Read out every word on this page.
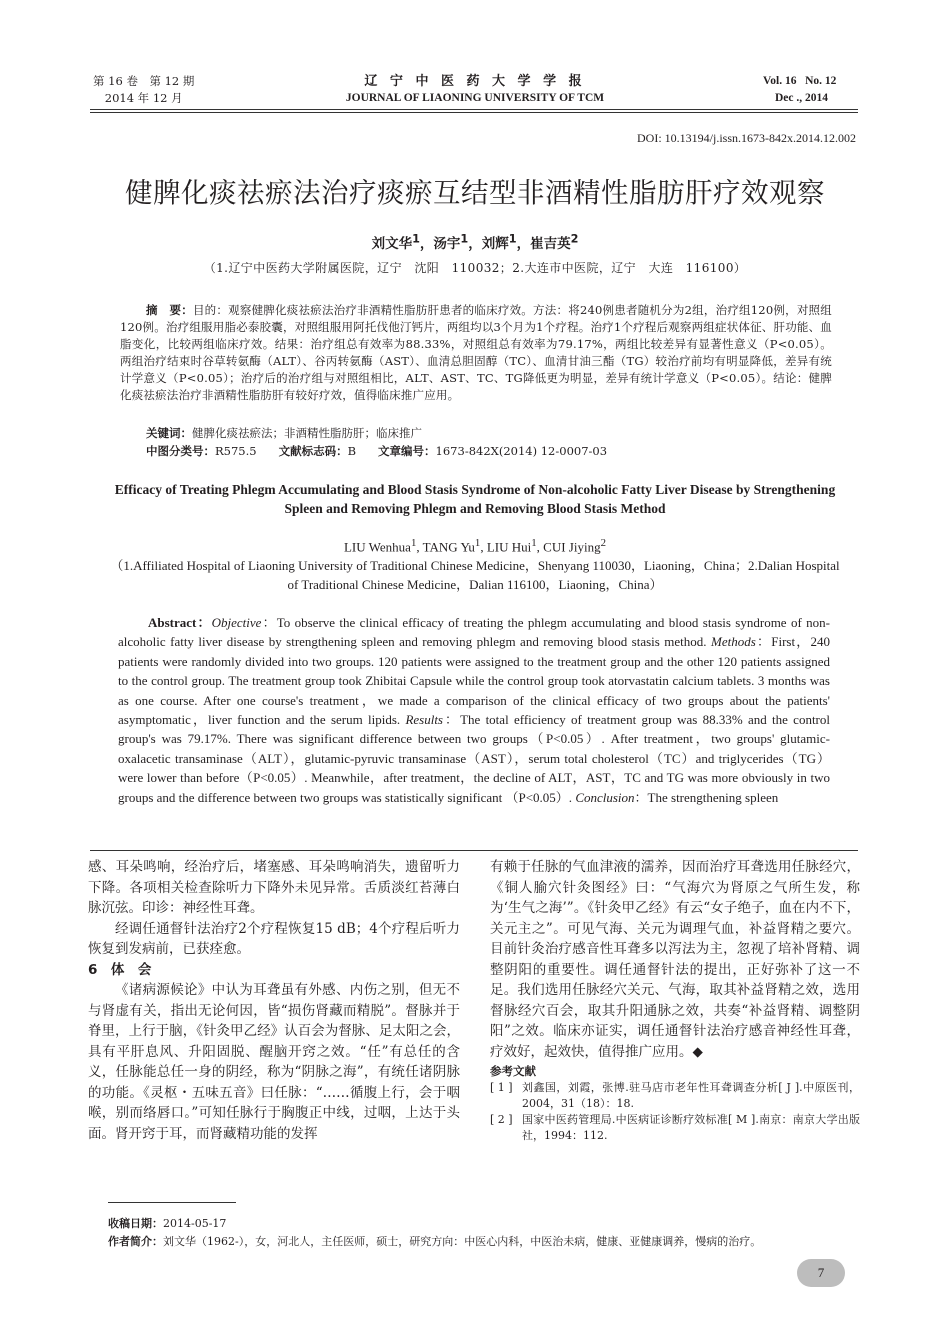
第 16 卷　第 12 期
2014 年 12 月
辽 宁 中 医 药 大 学 学 报
JOURNAL OF LIAONING UNIVERSITY OF TCM
Vol. 16 No. 12
Dec ., 2014
DOI: 10.13194/j.issn.1673-842x.2014.12.002
健脾化痰祛瘀法治疗痰瘀互结型非酒精性脂肪肝疗效观察
刘文华$^1$，汤宇$^1$，刘辉$^1$，崔吉英$^2$
（1.辽宁中医药大学附属医院，辽宁　沈阳　110032；2.大连市中医院，辽宁　大连　116100）
摘　要：目的：观察健脾化痰祛瘀法治疗非酒精性脂肪肝患者的临床疗效。方法：将240例患者随机分为2组，治疗组120例，对照组120例。治疗组服用脂必泰胶囊，对照组服用阿托伐他汀钙片，两组均以3个月为1个疗程。治疗1个疗程后观察两组症状体征、肝功能、血脂变化，比较两组临床疗效。结果：治疗组总有效率为88.33%，对照组总有效率为79.17%，两组比较差异有显著性意义（P<0.05）。两组治疗结束时谷草转氨酶（ALT）、谷丙转氨酶（AST）、血清总胆固醇（TC）、血清甘油三酯（TG）较治疗前均有明显降低，差异有统计学意义（P<0.05）；治疗后的治疗组与对照组相比，ALT、AST、TC、TG降低更为明显，差异有统计学意义（P<0.05）。结论：健脾化痰祛瘀法治疗非酒精性脂肪肝有较好疗效，值得临床推广应用。
关键词：健脾化痰祛瘀法；非酒精性脂肪肝；临床推广
中图分类号：R575.5 文献标志码：B 文章编号：1673-842X(2014) 12-0007-03
Efficacy of Treating Phlegm Accumulating and Blood Stasis Syndrome of Non-alcoholic Fatty Liver Disease by Strengthening Spleen and Removing Phlegm and Removing Blood Stasis Method
LIU Wenhua$^1$, TANG Yu$^1$, LIU Hui$^1$, CUI Jiying$^2$
（1.Affiliated Hospital of Liaoning University of Traditional Chinese Medicine，Shenyang 110030，Liaoning，China；2.Dalian Hospital of Traditional Chinese Medicine，Dalian 116100，Liaoning，China）
Abstract：Objective：To observe the clinical efficacy of treating the phlegm accumulating and blood stasis syndrome of non-alcoholic fatty liver disease by strengthening spleen and removing phlegm and removing blood stasis method. Methods：First，240 patients were randomly divided into two groups. 120 patients were assigned to the treatment group and the other 120 patients assigned to the control group. The treatment group took Zhibitai Capsule while the control group took atorvastatin calcium tablets. 3 months was as one course. After one course's treatment，we made a comparison of the clinical efficacy of two groups about the patients' asymptomatic，liver function and the serum lipids. Results：The total efficiency of treatment group was 88.33% and the control group's was 79.17%. There was significant difference between two groups（P<0.05）. After treatment，two groups' glutamic-oxalacetic transaminase（ALT），glutamic-pyruvic transaminase（AST），serum total cholesterol（TC）and triglycerides（TG）were lower than before（P<0.05）. Meanwhile，after treatment，the decline of ALT，AST，TC and TG was more obviously in two groups and the difference between two groups was statistically significant （P<0.05）. Conclusion：The strengthening spleen

感、耳朵鸣响，经治疗后，堵塞感、耳朵鸣响消失，遗留听力下降。各项相关检查除听力下降外未见异常。舌质淡红苔薄白脉沉弦。印诊：神经性耳聋。

经调任通督针法治疗2个疗程恢复15 dB；4个疗程后听力恢复到发病前，已获痊愈。

6　体　会

《诸病源候论》中认为耳聋虽有外感、内伤之别，但无不与肾虚有关，指出无论何因，皆“损伤肾藏而精脱”。督脉并于脊里，上行于脑，《针灸甲乙经》认百会为督脉、足太阳之会，具有平肝息风、升阳固脱、醒脑开窍之效。“任”有总任的含义，任脉能总任一身的阴经，称为“阴脉之海”，有统任诸阴脉的功能。《灵枢・五味五音》曰任脉：“……循腹上行，会于咽喉，别而络唇口。”可知任脉行于胸腹正中线，过咽，上达于头面。肾开窍于耳，而肾藏精功能的发挥

有赖于任脉的气血津液的濡养，因而治疗耳聋选用任脉经穴，《铜人腧穴针灸图经》曰：“气海穴为肾原之气所生发，称为‘生气之海’”。《针灸甲乙经》有云“女子绝子，血在内不下，关元主之”。可见气海、关元为调理气血，补益肾精之要穴。目前针灸治疗感音性耳聋多以泻法为主，忽视了培补肾精、调整阴阳的重要性。调任通督针法的提出，正好弥补了这一不足。我们选用任脉经穴关元、气海，取其补益肾精之效，选用督脉经穴百会，取其升阳通脉之效，共奏“补益肾精、调整阴阳”之效。临床亦证实，调任通督针法治疗感音神经性耳聋，疗效好，起效快，值得推广应用。◆

参考文献
[ 1 ] 刘鑫国，刘霞，张博.驻马店市老年性耳聋调查分析[ J ].中原医刊，2004，31（18）：18.
[ 2 ] 国家中医药管理局.中医病证诊断疗效标准[ M ].南京：南京大学出版社，1994：112.
收稿日期：2014-05-17
作者简介：刘文华（1962-），女，河北人，主任医师，硕士，研究方向：中医心内科，中医治未病，健康、亚健康调养，慢病的治疗。
7
